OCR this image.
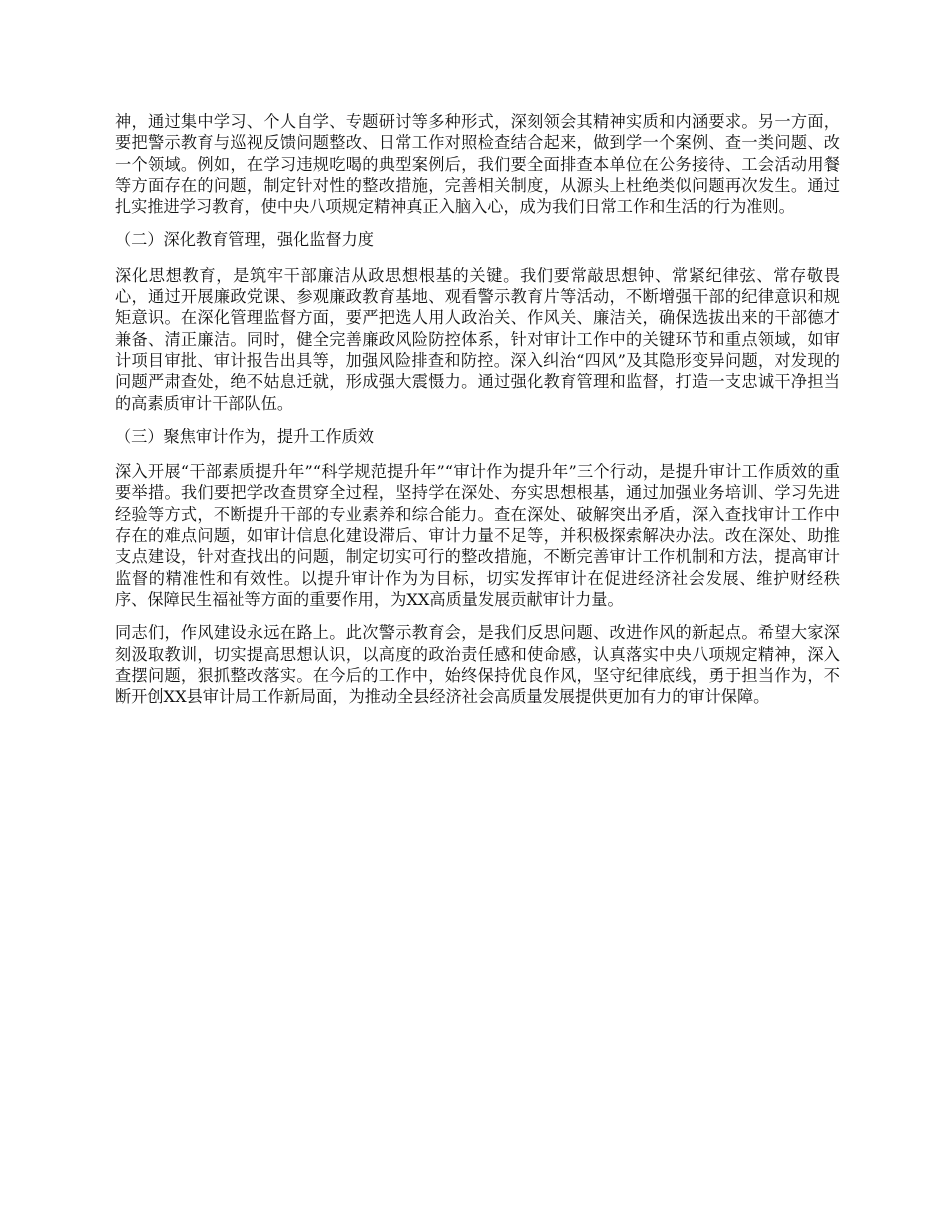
神，通过集中学习、个人自学、专题研讨等多种形式，深刻领会其精神实质和内涵要求。另一方面，要把警示教育与巡视反馈问题整改、日常工作对照检查结合起来，做到学一个案例、查一类问题、改一个领域。例如，在学习违规吃喝的典型案例后，我们要全面排查本单位在公务接待、工会活动用餐等方面存在的问题，制定针对性的整改措施，完善相关制度，从源头上杜绝类似问题再次发生。通过扎实推进学习教育，使中央八项规定精神真正入脑入心，成为我们日常工作和生活的行为准则。

（二）深化教育管理，强化监督力度

深化思想教育，是筑牢干部廉洁从政思想根基的关键。我们要常敲思想钟、常紧纪律弦、常存敬畏心，通过开展廉政党课、参观廉政教育基地、观看警示教育片等活动，不断增强干部的纪律意识和规矩意识。在深化管理监督方面，要严把选人用人政治关、作风关、廉洁关，确保选拔出来的干部德才兼备、清正廉洁。同时，健全完善廉政风险防控体系，针对审计工作中的关键环节和重点领域，如审计项目审批、审计报告出具等，加强风险排查和防控。深入纠治“四风”及其隐形变异问题，对发现的问题严肃查处，绝不姑息迁就，形成强大震慑力。通过强化教育管理和监督，打造一支忠诚干净担当的高素质审计干部队伍。

（三）聚焦审计作为，提升工作质效

深入开展“干部素质提升年”“科学规范提升年”“审计作为提升年”三个行动，是提升审计工作质效的重要举措。我们要把学改查贯穿全过程，坚持学在深处、夯实思想根基，通过加强业务培训、学习先进经验等方式，不断提升干部的专业素养和综合能力。查在深处、破解突出矛盾，深入查找审计工作中存在的难点问题，如审计信息化建设滞后、审计力量不足等，并积极探索解决办法。改在深处、助推支点建设，针对查找出的问题，制定切实可行的整改措施，不断完善审计工作机制和方法，提高审计监督的精准性和有效性。以提升审计作为为目标，切实发挥审计在促进经济社会发展、维护财经秩序、保障民生福祉等方面的重要作用，为XX高质量发展贡献审计力量。

同志们，作风建设永远在路上。此次警示教育会，是我们反思问题、改进作风的新起点。希望大家深刻汲取教训，切实提高思想认识，以高度的政治责任感和使命感，认真落实中央八项规定精神，深入查摆问题，狠抓整改落实。在今后的工作中，始终保持优良作风，坚守纪律底线，勇于担当作为，不断开创XX县审计局工作新局面，为推动全县经济社会高质量发展提供更加有力的审计保障。
